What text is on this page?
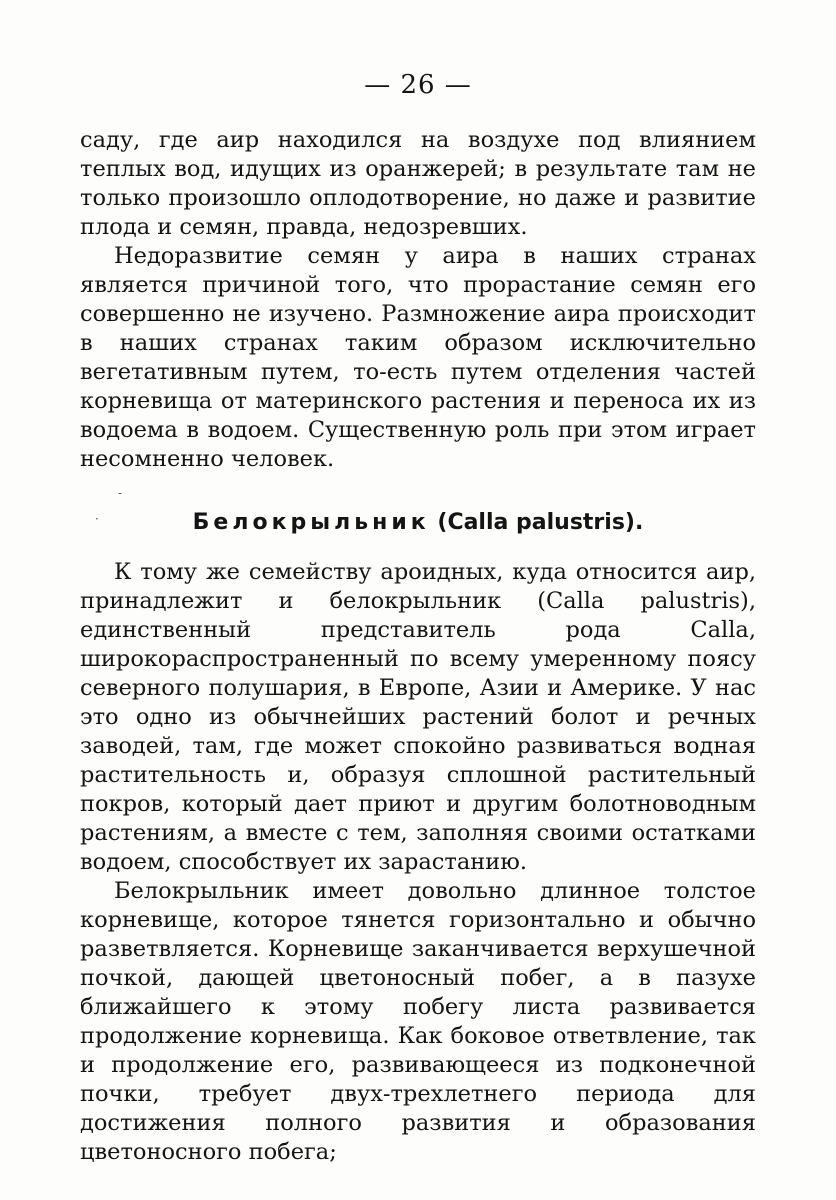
— 26 —
-
·

саду, где аир находился на воздухе под влиянием теплых вод, идущих из оранжерей; в результате там не только произошло оплодотворение, но даже и развитие плода и семян, правда, недозревших.

Недоразвитие семян у аира в наших странах является причиной того, что прорастание семян его совершенно не изучено. Размножение аира происходит в наших странах таким образом исключительно вегетативным путем, то-есть путем отделения частей корневища от материнского растения и переноса их из водоема в водоем. Существенную роль при этом играет несомненно человек.

Белокрыльник (Calla palustris).

К тому же семейству ароидных, куда относится аир, принадлежит и белокрыльник (Calla palustris), единственный представитель рода Calla, широкораспространенный по всему умеренному поясу северного полушария, в Европе, Азии и Америке. У нас это одно из обычнейших растений болот и речных заводей, там, где может спокойно развиваться водная растительность и, образуя сплошной растительный покров, который дает приют и другим болотноводным растениям, а вместе с тем, заполняя своими остатками водоем, способствует их зарастанию.

Белокрыльник имеет довольно длинное толстое корневище, которое тянется горизонтально и обычно разветвляется. Корневище заканчивается верхушечной почкой, дающей цветоносный побег, а в пазухе ближайшего к этому побегу листа развивается продолжение корневища. Как боковое ответвление, так и продолжение его, развивающееся из подконечной почки, требует двух-трехлетнего периода для достижения полного развития и образования цветоносного побега;
